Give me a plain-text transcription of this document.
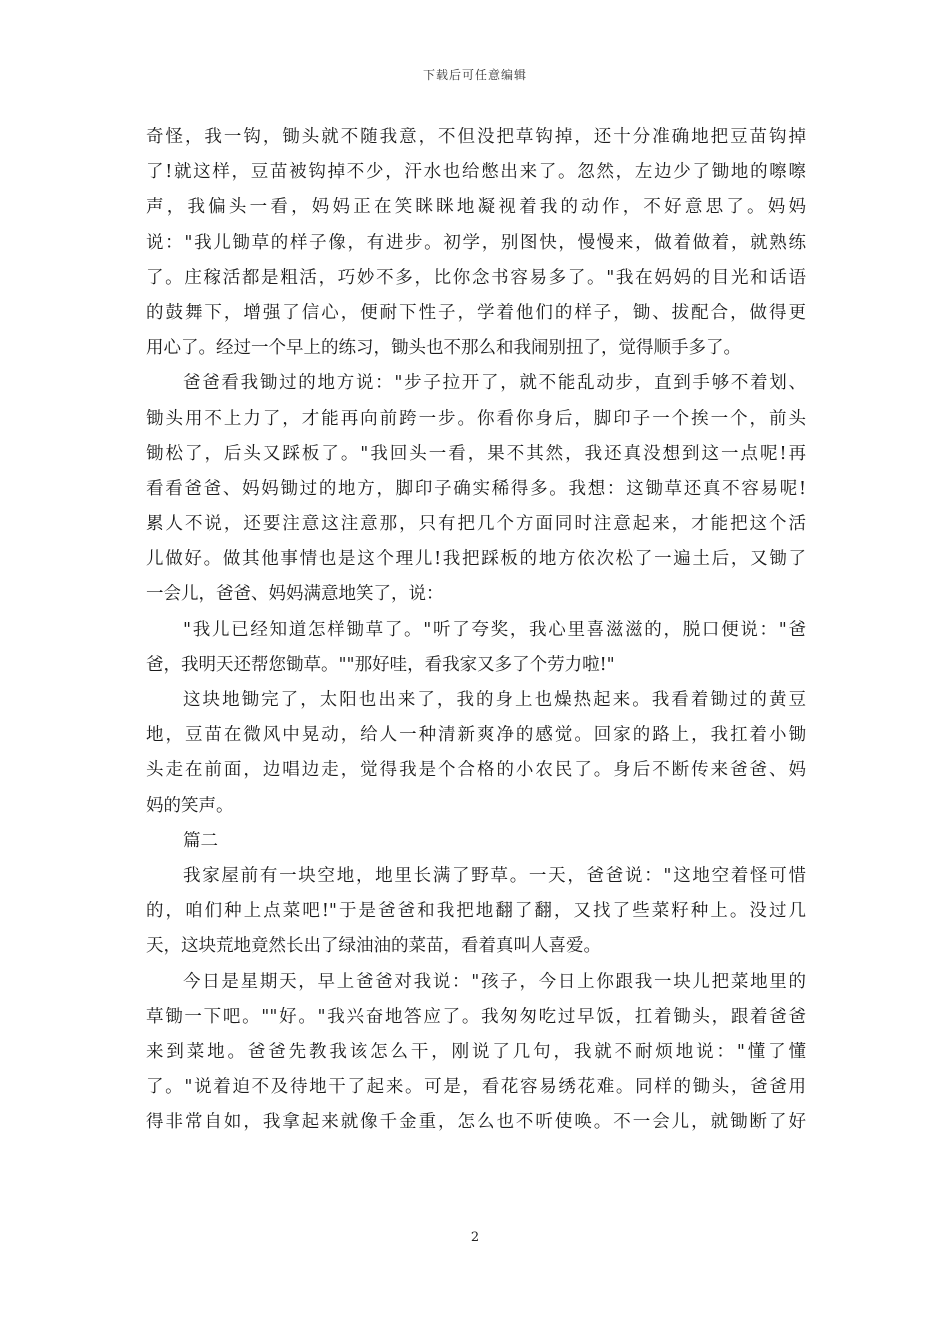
下载后可任意编辑
奇怪，我一钩，锄头就不随我意，不但没把草钩掉，还十分准确地把豆苗钩掉
了!就这样，豆苗被钩掉不少，汗水也给憋出来了。忽然，左边少了锄地的嚓嚓
声，我偏头一看，妈妈正在笑眯眯地凝视着我的动作，不好意思了。妈妈
说："我儿锄草的样子像，有进步。初学，别图快，慢慢来，做着做着，就熟练
了。庄稼活都是粗活，巧妙不多，比你念书容易多了。"我在妈妈的目光和话语
的鼓舞下，增强了信心，便耐下性子，学着他们的样子，锄、拔配合，做得更
用心了。经过一个早上的练习，锄头也不那么和我闹别扭了，觉得顺手多了。
爸爸看我锄过的地方说："步子拉开了，就不能乱动步，直到手够不着划、
锄头用不上力了，才能再向前跨一步。你看你身后，脚印子一个挨一个，前头
锄松了，后头又踩板了。"我回头一看，果不其然，我还真没想到这一点呢!再
看看爸爸、妈妈锄过的地方，脚印子确实稀得多。我想：这锄草还真不容易呢!
累人不说，还要注意这注意那，只有把几个方面同时注意起来，才能把这个活
儿做好。做其他事情也是这个理儿!我把踩板的地方依次松了一遍土后，又锄了
一会儿，爸爸、妈妈满意地笑了，说：
"我儿已经知道怎样锄草了。"听了夸奖，我心里喜滋滋的，脱口便说："爸
爸，我明天还帮您锄草。""那好哇，看我家又多了个劳力啦!"
这块地锄完了，太阳也出来了，我的身上也燥热起来。我看着锄过的黄豆
地，豆苗在微风中晃动，给人一种清新爽净的感觉。回家的路上，我扛着小锄
头走在前面，边唱边走，觉得我是个合格的小农民了。身后不断传来爸爸、妈
妈的笑声。
篇二
我家屋前有一块空地，地里长满了野草。一天，爸爸说："这地空着怪可惜
的，咱们种上点菜吧!"于是爸爸和我把地翻了翻，又找了些菜籽种上。没过几
天，这块荒地竟然长出了绿油油的菜苗，看着真叫人喜爱。
今日是星期天，早上爸爸对我说："孩子，今日上你跟我一块儿把菜地里的
草锄一下吧。""好。"我兴奋地答应了。我匆匆吃过早饭，扛着锄头，跟着爸爸
来到菜地。爸爸先教我该怎么干，刚说了几句，我就不耐烦地说："懂了懂
了。"说着迫不及待地干了起来。可是，看花容易绣花难。同样的锄头，爸爸用
得非常自如，我拿起来就像千金重，怎么也不听使唤。不一会儿，就锄断了好
2
